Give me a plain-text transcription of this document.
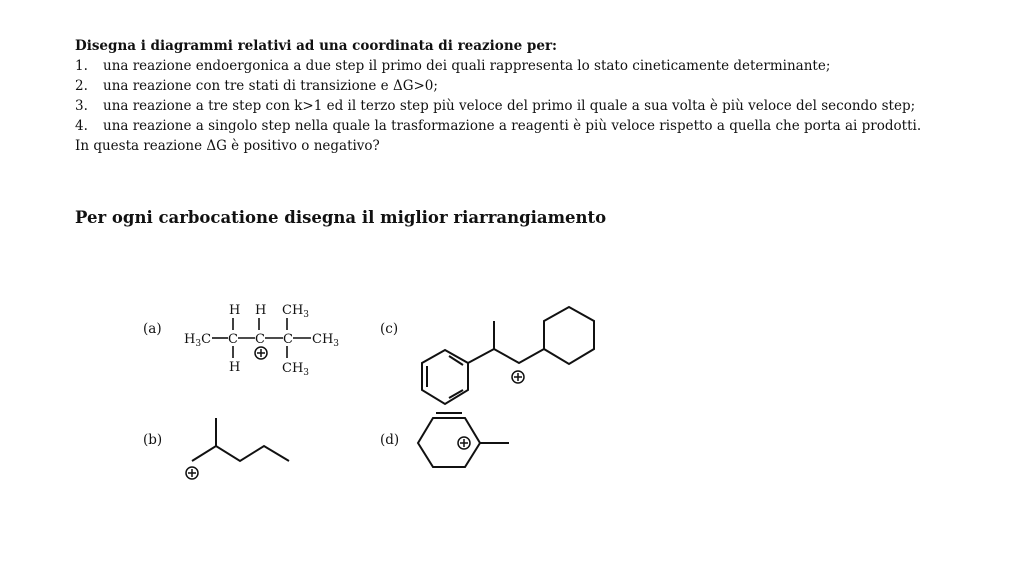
Disegna i diagrammi relativi ad una coordinata di reazione per:
1.	una reazione endoergonica a due step il primo dei quali rappresenta lo stato cineticamente determinante;
2.	una reazione con tre stati di transizione e ΔG>0;
3.	una reazione a tre step con k>1 ed il terzo step più veloce del primo il quale a sua volta è più veloce del secondo step;
4.	una reazione a singolo step nella quale la trasformazione a reagenti è più veloce rispetto a quella che porta ai prodotti.
In questa reazione ΔG è positivo o negativo?
Per ogni carbocatione disegna il miglior riarrangiamento
(a)
(b)
(c)
(d)
H H $CH_3$
$H_3C$ C C C $CH_3$
H	$CH_3$
